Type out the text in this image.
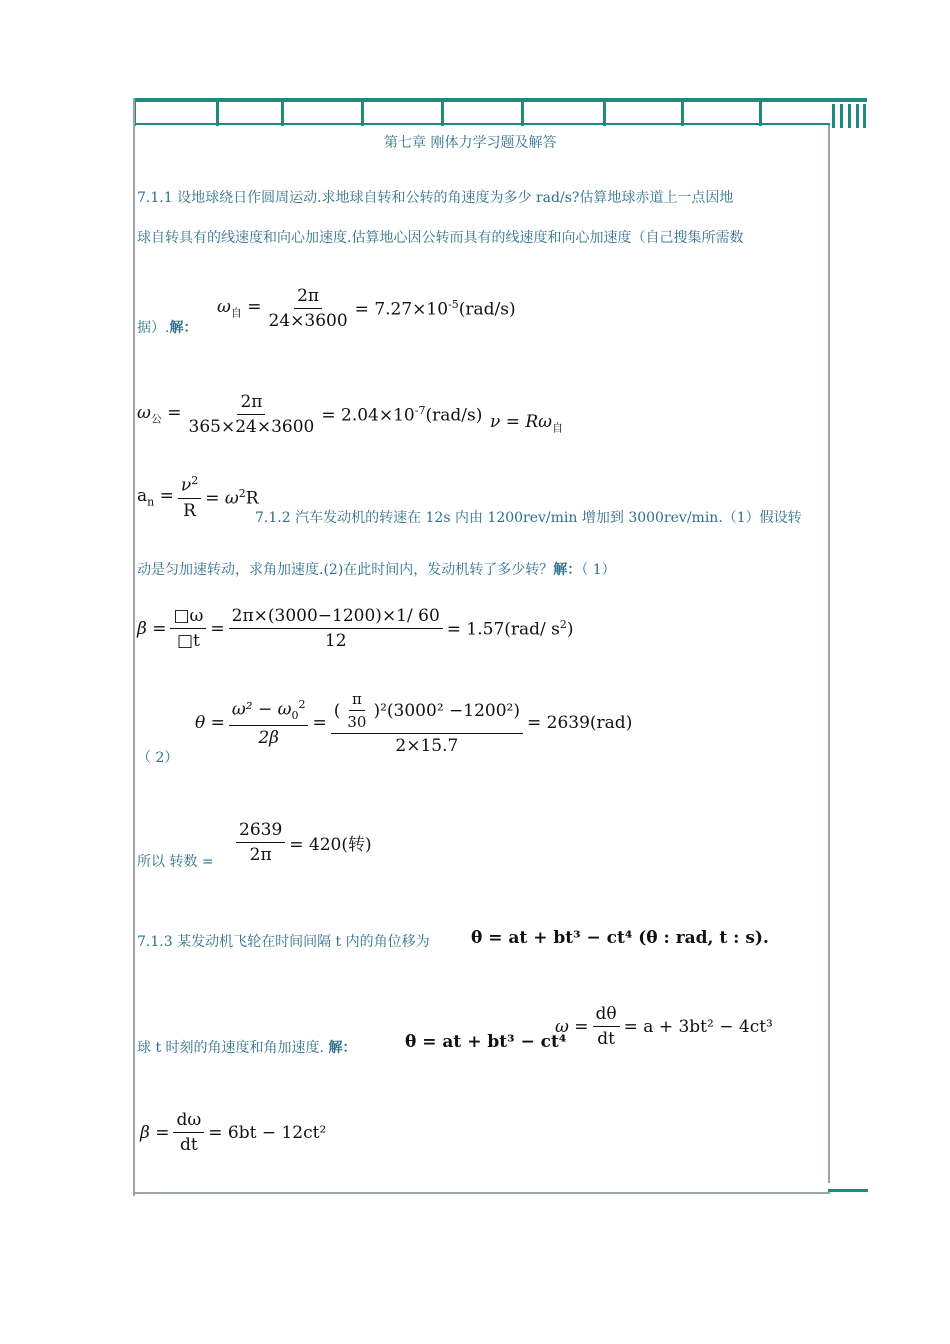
第七章 刚体力学习题及解答
7.1.1 设地球绕日作圆周运动.求地球自转和公转的角速度为多少 rad/s?估算地球赤道上一点因地
球自转具有的线速度和向心加速度.估算地心因公转而具有的线速度和向心加速度（自己搜集所需数
据）.解：
$\omega_自 = \frac{2\pi}{24\times 3600} = 7.27\times 10^{-5}(rad/s)$
$\omega_公 = \frac{2\pi}{365\times 24\times 3600} = 2.04\times 10^{-7}(rad/s) \nu = R\omega_自$
$a_n = \frac{\nu^2}{R} = \omega^2R$
7.1.2 汽车发动机的转速在 12s 内由 1200rev/min 增加到 3000rev/min.（1）假设转
动是匀加速转动，求角加速度.(2)在此时间内，发动机转了多少转？解：（ 1）
$\beta = \frac{□\omega}{□t} = \frac{2\pi\times(3000-1200)\times 1/ 60}{12} = 1.57(rad/$ $s^2$)
（ 2）
$\theta = \frac{\omega^2 - \omega_0^2}{2\beta} = \frac{( \frac{\pi}{30} )^2 (3000^2 -1200^2)}{2\times 15.7} = 2639(rad)$
所以 转数 = $\frac{2639}{2\pi} = 420$(转)
7.1.3 某发动机飞轮在时间间隔 t 内的角位移为 θ = at + bt³ − ct⁴ (θ : rad, t : s).
球 t 时刻的角速度和角加速度. 解：	θ = at + bt³ − ct⁴
$\omega = \frac{d\theta}{dt} = a + 3bt^2 - 4ct^3$
$\beta = \frac{d\omega}{dt} = 6bt - 12ct^2$
